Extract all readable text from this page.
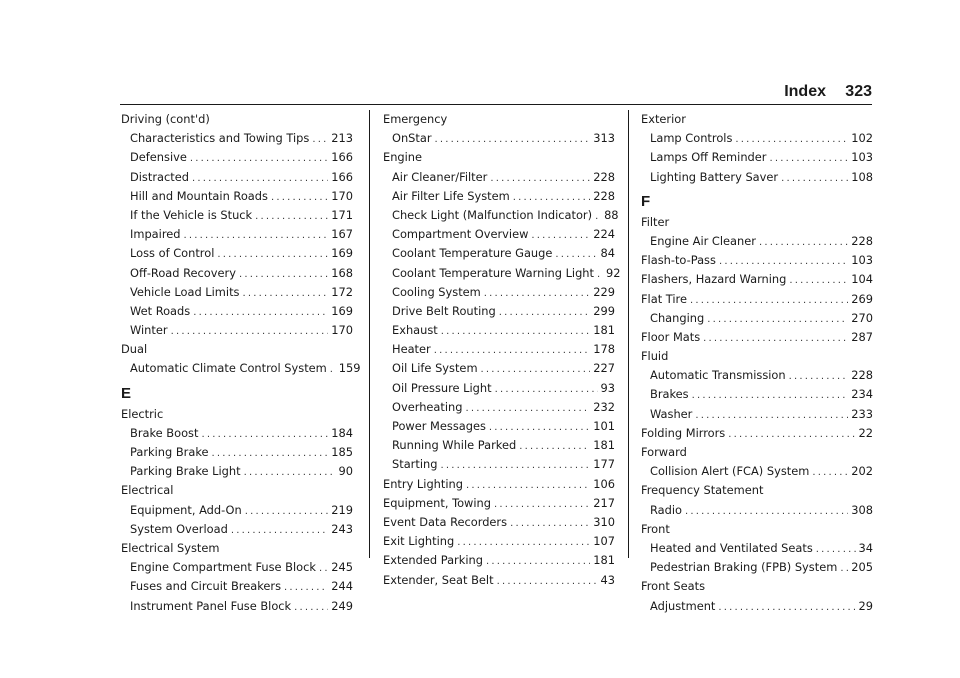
Index 323
Driving (cont'd)
Characteristics and Towing Tips ..... 213
Defensive .....	166
Distracted .....	166
Hill and Mountain Roads .....	170
If the Vehicle is Stuck .....	171
Impaired .....	167
Loss of Control .....	169
Off-Road Recovery .....	168
Vehicle Load Limits .....	172
Wet Roads .....	169
Winter .....	170
Dual
Automatic Climate Control System ..... 159
E
Electric
Brake Boost .....	184
Parking Brake .....	185
Parking Brake Light .....	90
Electrical
Equipment, Add-On .....	219
System Overload .....	243
Electrical System
Engine Compartment Fuse Block ..... 245
Fuses and Circuit Breakers .....	244
Instrument Panel Fuse Block .....	249
Emergency
OnStar .....	313
Engine
Air Cleaner/Filter .....	228
Air Filter Life System .....	228
Check Light (Malfunction Indicator) ..... 88
Compartment Overview .....	224
Coolant Temperature Gauge .....	84
Coolant Temperature Warning Light ..... 92
Cooling System .....	229
Drive Belt Routing .....	299
Exhaust .....	181
Heater .....	178
Oil Life System .....	227
Oil Pressure Light .....	93
Overheating .....	232
Power Messages .....	101
Running While Parked .....	181
Starting .....	177
Entry Lighting .....	106
Equipment, Towing .....	217
Event Data Recorders .....	310
Exit Lighting .....	107
Extended Parking .....	181
Extender, Seat Belt .....	43
Exterior
Lamp Controls .....	102
Lamps Off Reminder .....	103
Lighting Battery Saver .....	108
F
Filter
Engine Air Cleaner .....	228
Flash-to-Pass .....	103
Flashers, Hazard Warning .....	104
Flat Tire .....	269
Changing .....	270
Floor Mats .....	287
Fluid
Automatic Transmission .....	228
Brakes .....	234
Washer .....	233
Folding Mirrors .....	22
Forward
Collision Alert (FCA) System .....	202
Frequency Statement
Radio .....	308
Front
Heated and Ventilated Seats .....	34
Pedestrian Braking (FPB) System ..... 205
Front Seats
Adjustment .....	29
